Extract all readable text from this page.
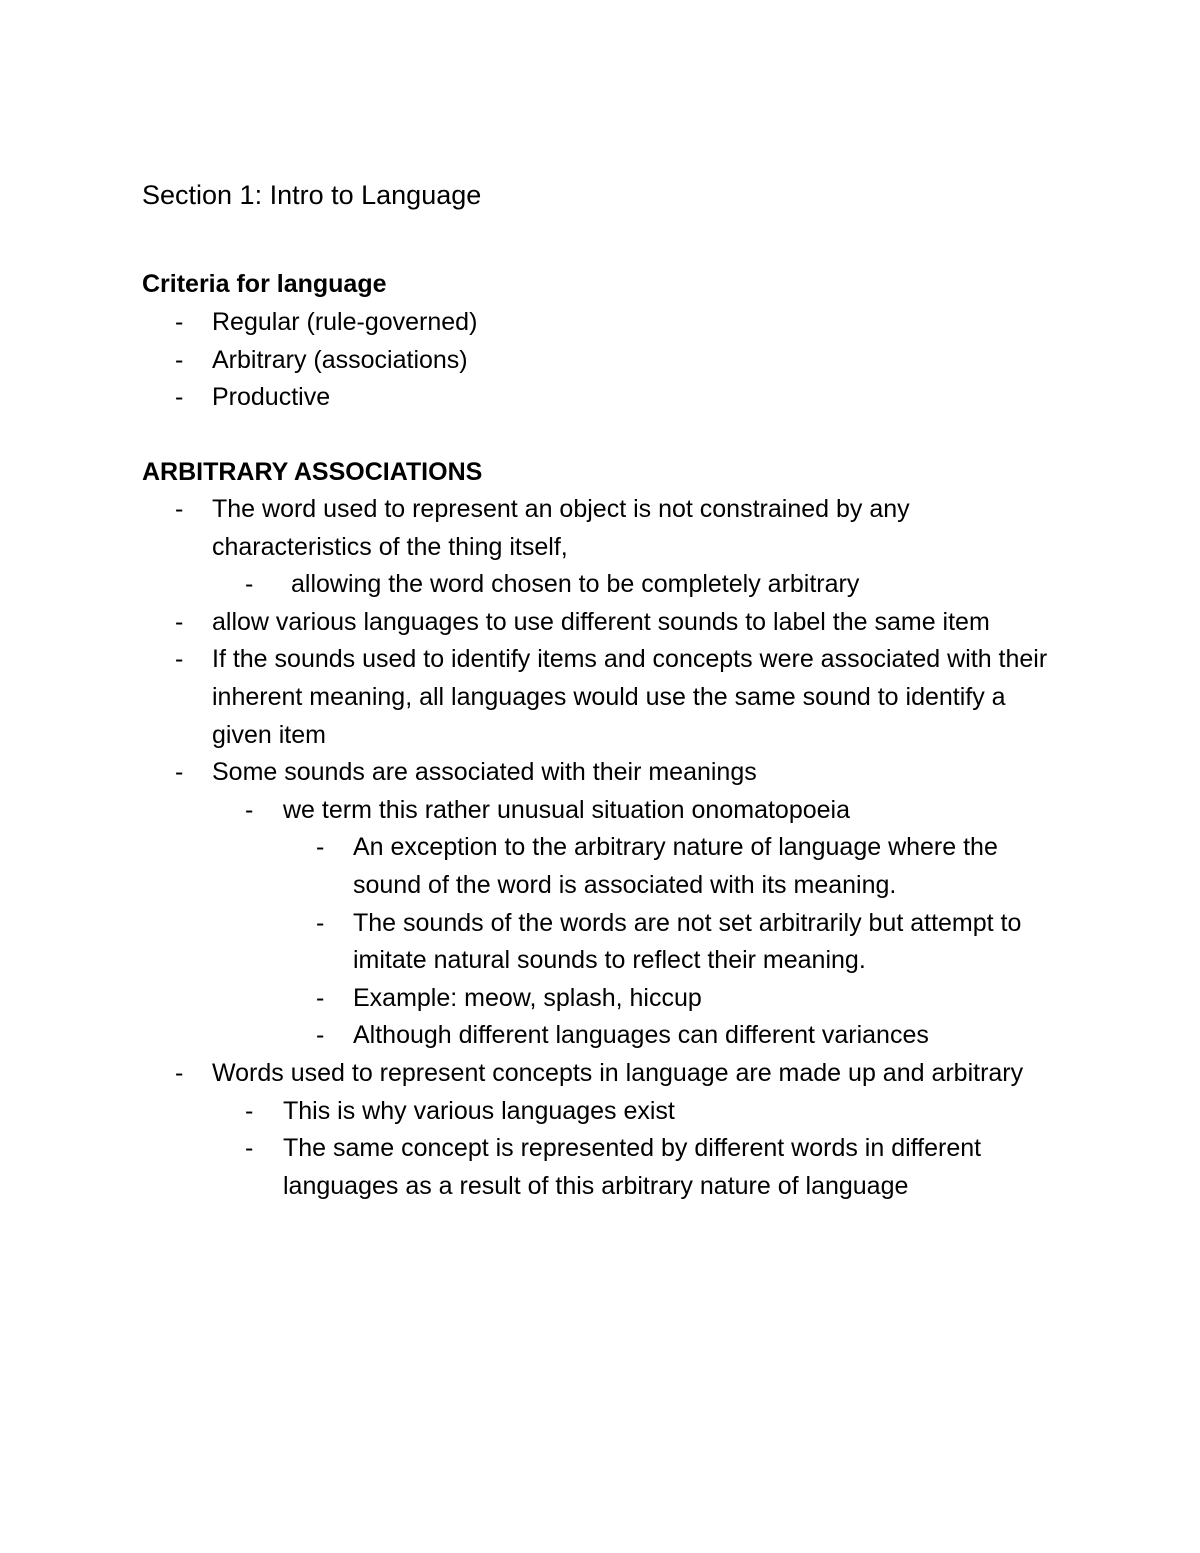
Section 1: Intro to Language
Criteria for language
- Regular (rule-governed)
- Arbitrary (associations)
- Productive
ARBITRARY ASSOCIATIONS
- The word used to represent an object is not constrained by any characteristics of the thing itself,
- allowing the word chosen to be completely arbitrary
- allow various languages to use different sounds to label the same item
- If the sounds used to identify items and concepts were associated with their inherent meaning, all languages would use the same sound to identify a given item
- Some sounds are associated with their meanings
- we term this rather unusual situation onomatopoeia
- An exception to the arbitrary nature of language where the sound of the word is associated with its meaning.
- The sounds of the words are not set arbitrarily but attempt to imitate natural sounds to reflect their meaning.
- Example: meow, splash, hiccup
- Although different languages can different variances
- Words used to represent concepts in language are made up and arbitrary
- This is why various languages exist
- The same concept is represented by different words in different languages as a result of this arbitrary nature of language
